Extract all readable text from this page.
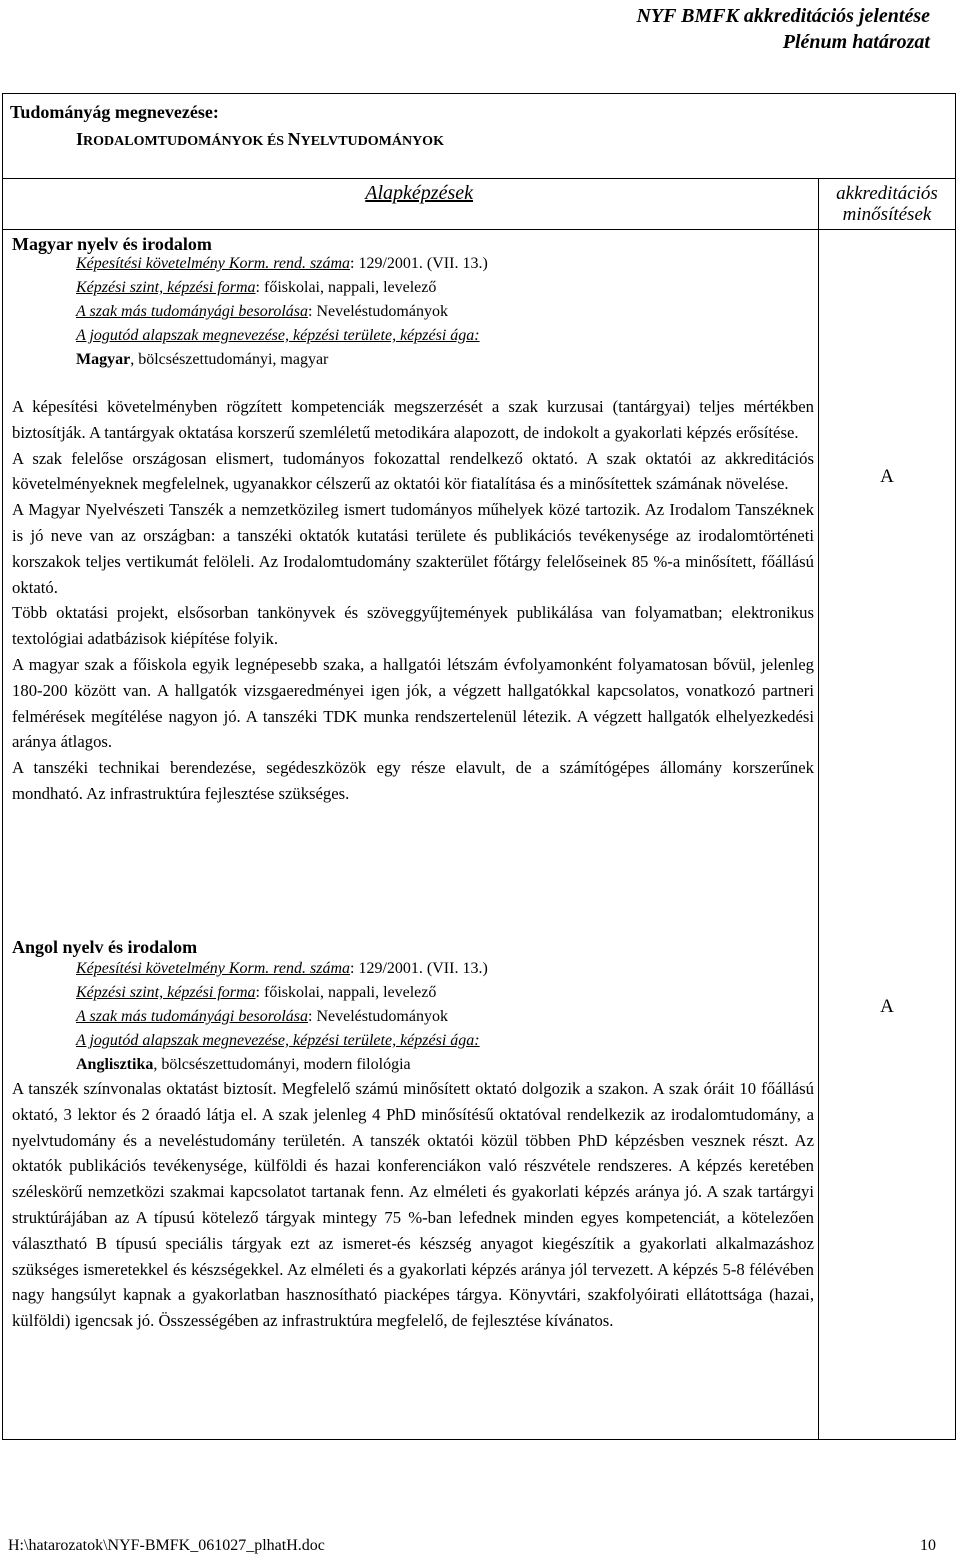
NYF BMFK akkreditációs jelentése
Plénum határozat
Tudományág megnevezése:
IRODALOMTUDOMÁNYOK ÉS NYELVTUDOMÁNYOK
Alapképzések	akkreditációs minősítések
Magyar nyelv és irodalom
Képesítési követelmény Korm. rend. száma: 129/2001. (VII. 13.)
Képzési szint, képzési forma: főiskolai, nappali, levelező
A szak más tudományági besorolása: Neveléstudományok
A jogutód alapszak megnevezése, képzési területe, képzési ága:
Magyar, bölcsészettudományi, magyar

A képesítési követelményben rögzített kompetenciák megszerzését a szak kurzusai (tantárgyai) teljes mértékben biztosítják. A tantárgyak oktatása korszerű szemléletű metodikára alapozott, de indokolt a gyakorlati képzés erősítése.

A szak felelőse országosan elismert, tudományos fokozattal rendelkező oktató. A szak oktatói az akkreditációs követelményeknek megfelelnek, ugyanakkor célszerű az oktatói kör fiatalítása és a minősítettek számának növelése.

A Magyar Nyelvészeti Tanszék a nemzetközileg ismert tudományos műhelyek közé tartozik. Az Irodalom Tanszéknek is jó neve van az országban: a tanszéki oktatók kutatási területe és publikációs tevékenysége az irodalomtörténeti korszakok teljes vertikumát felöleli. Az Irodalomtudomány szakterület főtárgy felelőseinek 85 %-a minősített, főállású oktató.

Több oktatási projekt, elsősorban tankönyvek és szöveggyűjtemények publikálása van folyamatban; elektronikus textológiai adatbázisok kiépítése folyik.

A magyar szak a főiskola egyik legnépesebb szaka, a hallgatói létszám évfolyamonként folyamatosan bővül, jelenleg 180-200 között van. A hallgatók vizsgaeredményei igen jók, a végzett hallgatókkal kapcsolatos, vonatkozó partneri felmérések megítélése nagyon jó. A tanszéki TDK munka rendszertelenül létezik. A végzett hallgatók elhelyezkedési aránya átlagos.

A tanszéki technikai berendezése, segédeszközök egy része elavult, de a számítógépes állomány korszerűnek mondható. Az infrastruktúra fejlesztése szükséges.

A
Angol nyelv és irodalom
Képesítési követelmény Korm. rend. száma: 129/2001. (VII. 13.)
Képzési szint, képzési forma: főiskolai, nappali, levelező
A szak más tudományági besorolása: Neveléstudományok
A jogutód alapszak megnevezése, képzési területe, képzési ága:
Anglisztika, bölcsészettudományi, modern filológia

A tanszék színvonalas oktatást biztosít. Megfelelő számú minősített oktató dolgozik a szakon. A szak óráit 10 főállású oktató, 3 lektor és 2 óraadó látja el. A szak jelenleg 4 PhD minősítésű oktatóval rendelkezik az irodalomtudomány, a nyelvtudomány és a neveléstudomány területén. A tanszék oktatói közül többen PhD képzésben vesznek részt. Az oktatók publikációs tevékenysége, külföldi és hazai konferenciákon való részvétele rendszeres. A képzés keretében széleskörű nemzetközi szakmai kapcsolatot tartanak fenn. Az elméleti és gyakorlati képzés aránya jó. A szak tartárgyi struktúrájában az A típusú kötelező tárgyak mintegy 75 %-ban lefednek minden egyes kompetenciát, a kötelezően választható B típusú speciális tárgyak ezt az ismeret-és készség anyagot kiegészítik a gyakorlati alkalmazáshoz szükséges ismeretekkel és készségekkel. Az elméleti és a gyakorlati képzés aránya jól tervezett. A képzés 5-8 félévében nagy hangsúlyt kapnak a gyakorlatban hasznosítható piacképes tárgya. Könyvtári, szakfolyóirati ellátottsága (hazai, külföldi) igencsak jó. Összességében az infrastruktúra megfelelő, de fejlesztése kívánatos.

A
H:\hatarozatok\NYF-BMFK_061027_plhatH.doc	10
